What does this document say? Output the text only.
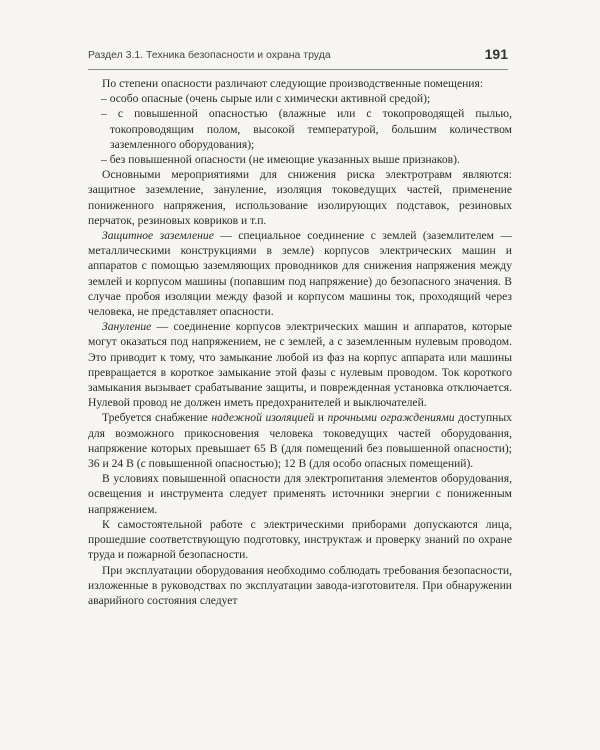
Раздел 3.1. Техника безопасности и охрана труда	191

По степени опасности различают следующие производственные помещения:

– особо опасные (очень сырые или с химически активной средой);

– с повышенной опасностью (влажные или с токопроводящей пылью, токопроводящим полом, высокой температурой, большим количеством заземленного оборудования);

– без повышенной опасности (не имеющие указанных выше признаков).

Основными мероприятиями для снижения риска электротравм являются: защитное заземление, зануление, изоляция токоведущих частей, применение пониженного напряжения, использование изолирующих подставок, резиновых перчаток, резиновых ковриков и т.п.

Защитное заземление — специальное соединение с землей (заземлителем — металлическими конструкциями в земле) корпусов электрических машин и аппаратов с помощью заземляющих проводников для снижения напряжения между землей и корпусом машины (попавшим под напряжение) до безопасного значения. В случае пробоя изоляции между фазой и корпусом машины ток, проходящий через человека, не представляет опасности.

Зануление — соединение корпусов электрических машин и аппаратов, которые могут оказаться под напряжением, не с землей, а с заземленным нулевым проводом. Это приводит к тому, что замыкание любой из фаз на корпус аппарата или машины превращается в короткое замыкание этой фазы с нулевым проводом. Ток короткого замыкания вызывает срабатывание защиты, и поврежденная установка отключается. Нулевой провод не должен иметь предохранителей и выключателей.

Требуется снабжение надежной изоляцией и прочными ограждениями доступных для возможного прикосновения человека токоведущих частей оборудования, напряжение которых превышает 65 В (для помещений без повышенной опасности); 36 и 24 В (с повышенной опасностью); 12 В (для особо опасных помещений).

В условиях повышенной опасности для электропитания элементов оборудования, освещения и инструмента следует применять источники энергии с пониженным напряжением.

К самостоятельной работе с электрическими приборами допускаются лица, прошедшие соответствующую подготовку, инструктаж и проверку знаний по охране труда и пожарной безопасности.

При эксплуатации оборудования необходимо соблюдать требования безопасности, изложенные в руководствах по эксплуатации завода-изготовителя. При обнаружении аварийного состояния следует
